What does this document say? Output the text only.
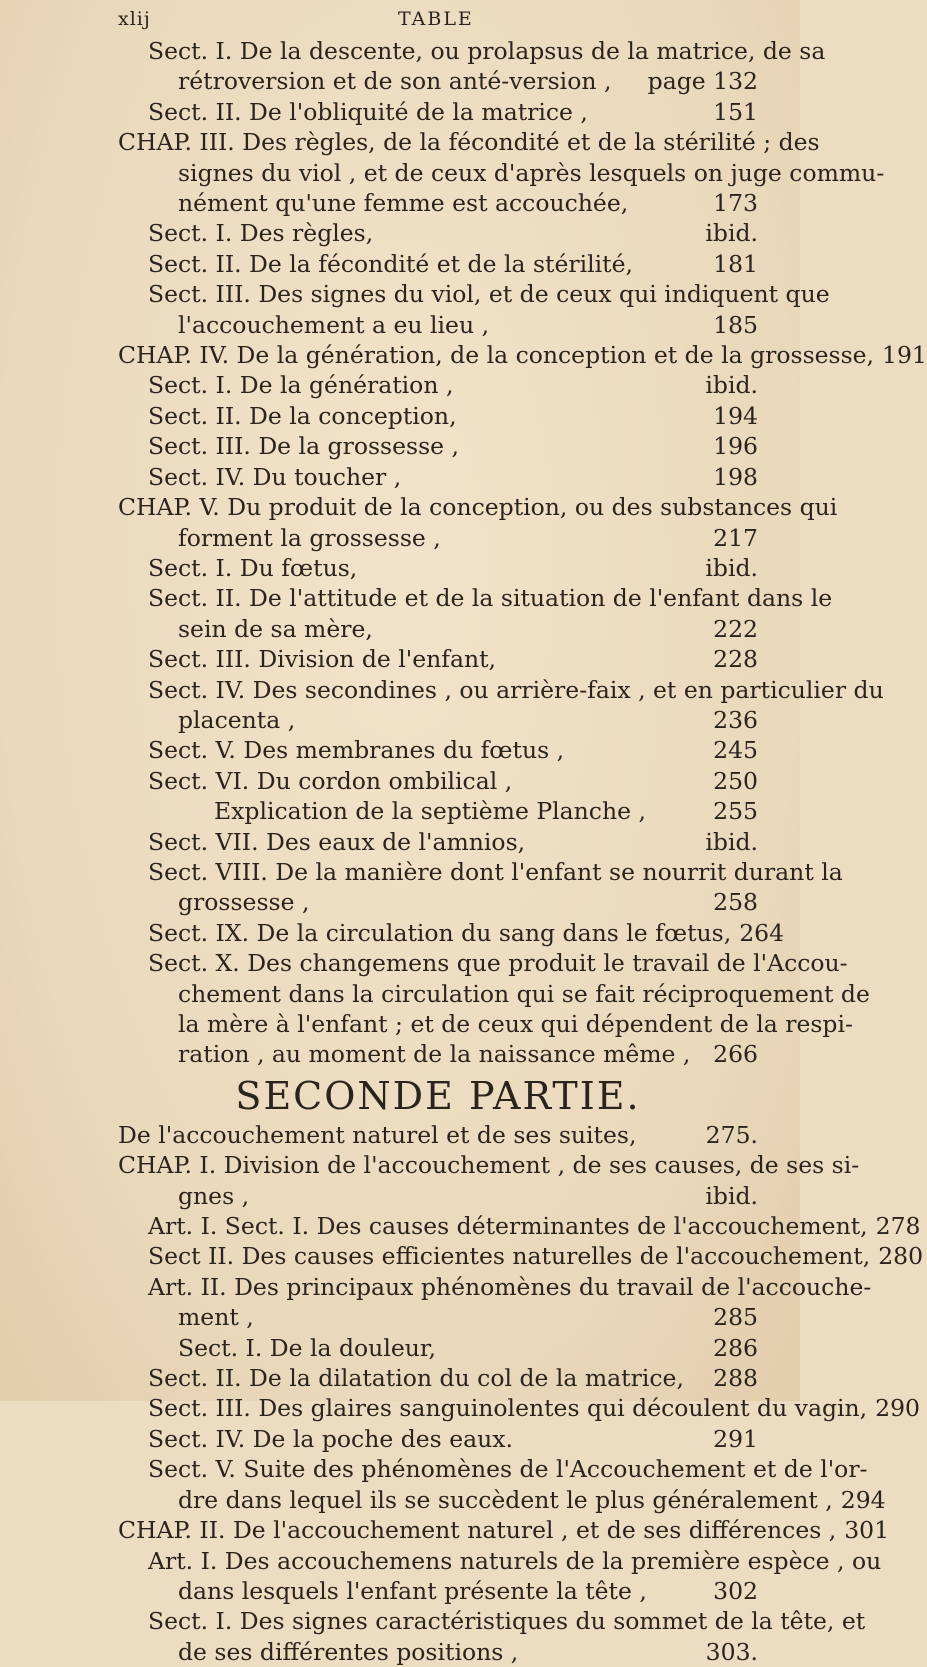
xlij	TABLE
Sect. I. De la descente, ou prolapsus de la matrice, de sa
rétroversion et de son anté-version ,	page 132
Sect. II. De l'obliquité de la matrice ,	151
CHAP. III. Des règles, de la fécondité et de la stérilité ; des
signes du viol , et de ceux d'après lesquels on juge commu-
nément qu'une femme est accouchée,	173
Sect. I. Des règles,	ibid.
Sect. II. De la fécondité et de la stérilité,	181
Sect. III. Des signes du viol, et de ceux qui indiquent que
l'accouchement a eu lieu ,	185
CHAP. IV. De la génération, de la conception et de la grossesse, 191
Sect. I. De la génération ,	ibid.
Sect. II. De la conception,	194
Sect. III. De la grossesse ,	196
Sect. IV. Du toucher ,	198
CHAP. V. Du produit de la conception, ou des substances qui
forment la grossesse ,	217
Sect. I. Du fœtus,	ibid.
Sect. II. De l'attitude et de la situation de l'enfant dans le
sein de sa mère,	222
Sect. III. Division de l'enfant,	228
Sect. IV. Des secondines , ou arrière-faix , et en particulier du
placenta ,	236
Sect. V. Des membranes du fœtus ,	245
Sect. VI. Du cordon ombilical ,	250
Explication de la septième Planche ,	255
Sect. VII. Des eaux de l'amnios,	ibid.
Sect. VIII. De la manière dont l'enfant se nourrit durant la
grossesse ,	258
Sect. IX. De la circulation du sang dans le fœtus, 264
Sect. X. Des changemens que produit le travail de l'Accou-
chement dans la circulation qui se fait réciproquement de
la mère à l'enfant ; et de ceux qui dépendent de la respi-
ration , au moment de la naissance même , 266
SECONDE PARTIE.
De l'accouchement naturel et de ses suites,	275.
CHAP. I. Division de l'accouchement , de ses causes, de ses si-
gnes ,	ibid.
Art. I. Sect. I. Des causes déterminantes de l'accouchement, 278
Sect II. Des causes efficientes naturelles de l'accouchement, 280
Art. II. Des principaux phénomènes du travail de l'accouche-
ment ,	285
Sect. I. De la douleur,	286
Sect. II. De la dilatation du col de la matrice,	288
Sect. III. Des glaires sanguinolentes qui découlent du vagin, 290
Sect. IV. De la poche des eaux.	291
Sect. V. Suite des phénomènes de l'Accouchement et de l'or-
dre dans lequel ils se succèdent le plus généralement , 294
CHAP. II. De l'accouchement naturel , et de ses différences , 301
Art. I. Des accouchemens naturels de la première espèce , ou
dans lesquels l'enfant présente la tête ,	302
Sect. I. Des signes caractéristiques du sommet de la tête, et
de ses différentes positions ,	303.
